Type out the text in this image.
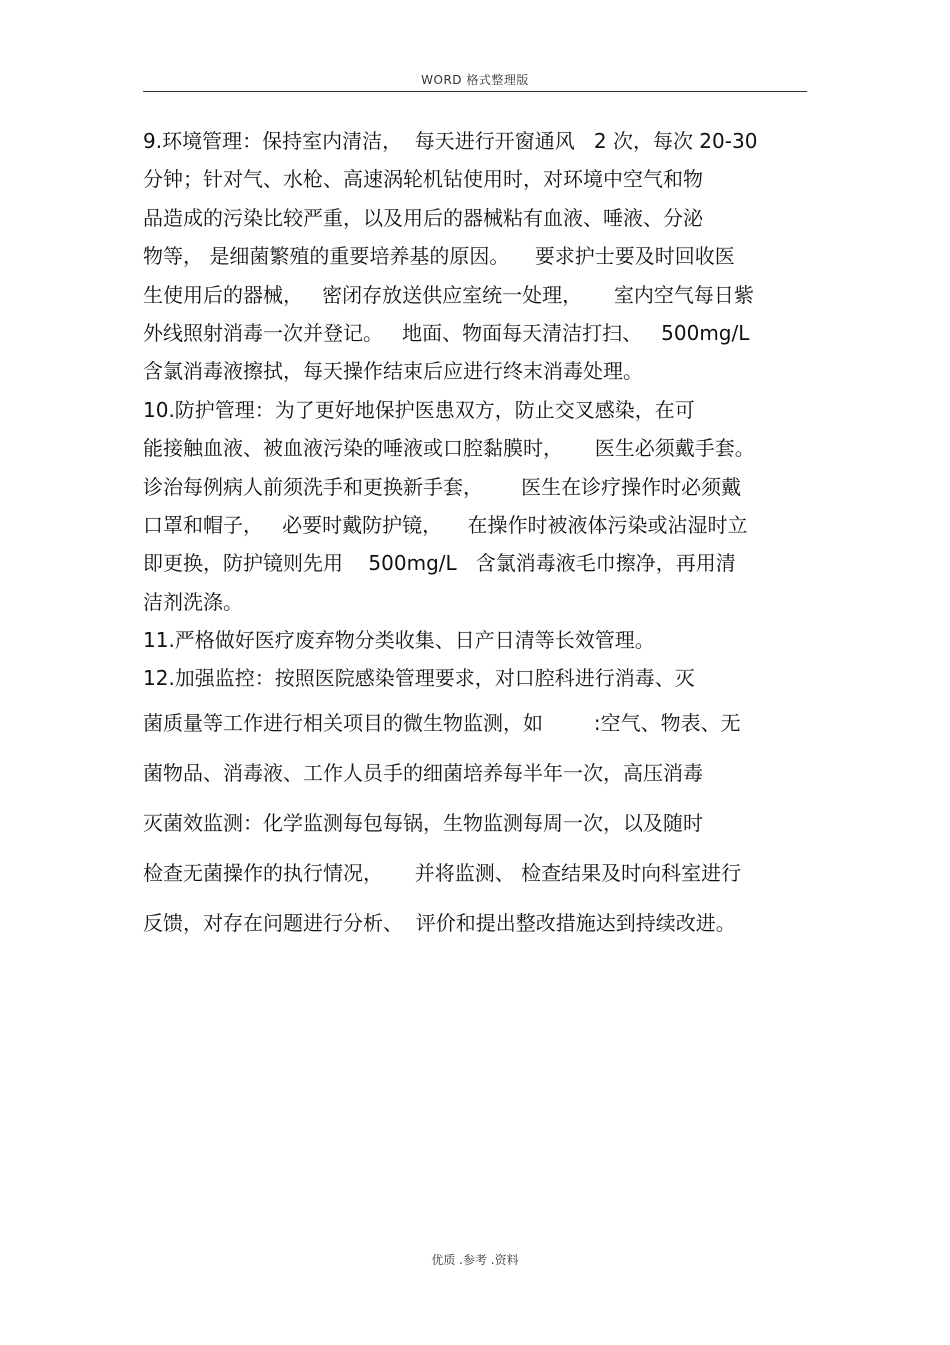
WORD 格式整理版
9.环境管理：保持室内清洁，  每天进行开窗通风   2 次，每次 20-30
分钟；针对气、水枪、高速涡轮机钻使用时，对环境中空气和物
品造成的污染比较严重，以及用后的器械粘有血液、唾液、分泌
物等， 是细菌繁殖的重要培养基的原因。    要求护士要及时回收医
生使用后的器械，   密闭存放送供应室统一处理，     室内空气每日紫
外线照射消毒一次并登记。   地面、物面每天清洁打扫、   500mg/L
含氯消毒液擦拭，每天操作结束后应进行终末消毒处理。
10.防护管理：为了更好地保护医患双方，防止交叉感染，在可
能接触血液、被血液污染的唾液或口腔黏膜时，     医生必须戴手套。
诊治每例病人前须洗手和更换新手套，      医生在诊疗操作时必须戴
口罩和帽子，   必要时戴防护镜，    在操作时被液体污染或沾湿时立
即更换，防护镜则先用    500mg/L   含氯消毒液毛巾擦净，再用清
洁剂洗涤。
11.严格做好医疗废弃物分类收集、日产日清等长效管理。
12.加强监控：按照医院感染管理要求，对口腔科进行消毒、灭
菌质量等工作进行相关项目的微生物监测，如        :空气、物表、无
菌物品、消毒液、工作人员手的细菌培养每半年一次，高压消毒
灭菌效监测：化学监测每包每锅，生物监测每周一次，以及随时
检查无菌操作的执行情况，     并将监测、 检查结果及时向科室进行
反馈，对存在问题进行分析、  评价和提出整改措施达到持续改进。
优质 .参考 .资料
